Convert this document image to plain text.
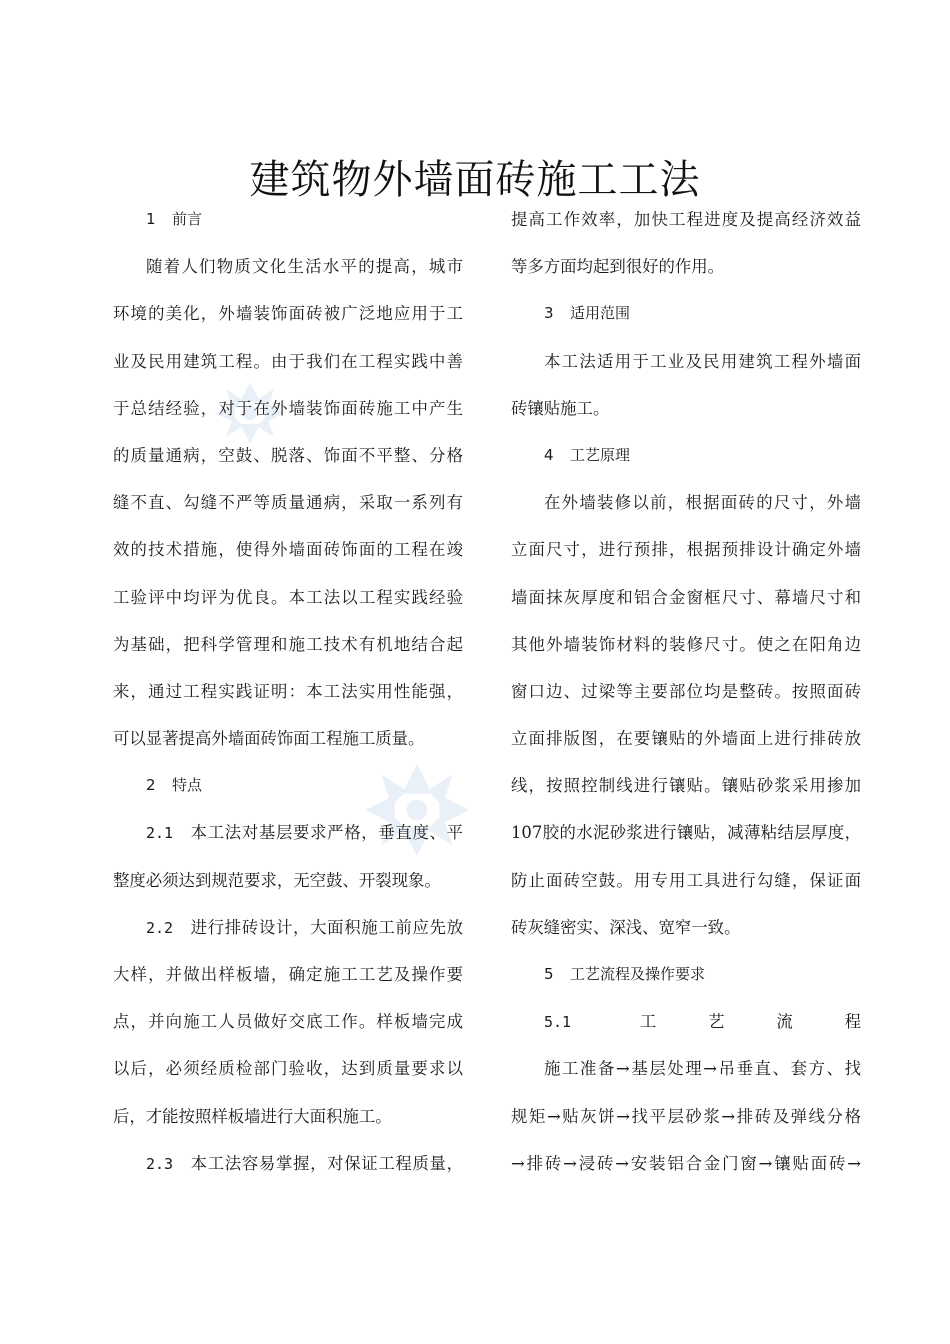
建筑物外墙面砖施工工法
1 前言
随着人们物质文化生活水平的提高，城市
环境的美化，外墙装饰面砖被广泛地应用于工
业及民用建筑工程。由于我们在工程实践中善
于总结经验，对于在外墙装饰面砖施工中产生
的质量通病，空鼓、脱落、饰面不平整、分格
缝不直、勾缝不严等质量通病，采取一系列有
效的技术措施，使得外墙面砖饰面的工程在竣
工验评中均评为优良。本工法以工程实践经验
为基础，把科学管理和施工技术有机地结合起
来，通过工程实践证明：本工法实用性能强，
可以显著提高外墙面砖饰面工程施工质量。
2 特点
2.1 本工法对基层要求严格，垂直度、平
整度必须达到规范要求，无空鼓、开裂现象。
2.2 进行排砖设计，大面积施工前应先放
大样，并做出样板墙，确定施工工艺及操作要
点，并向施工人员做好交底工作。样板墙完成
以后，必须经质检部门验收，达到质量要求以
后，才能按照样板墙进行大面积施工。
2.3 本工法容易掌握，对保证工程质量，
提高工作效率，加快工程进度及提高经济效益
等多方面均起到很好的作用。
3 适用范围
本工法适用于工业及民用建筑工程外墙面
砖镶贴施工。
4 工艺原理
在外墙装修以前，根据面砖的尺寸，外墙
立面尺寸，进行预排，根据预排设计确定外墙
墙面抹灰厚度和铝合金窗框尺寸、幕墙尺寸和
其他外墙装饰材料的装修尺寸。使之在阳角边
窗口边、过梁等主要部位均是整砖。按照面砖
立面排版图，在要镶贴的外墙面上进行排砖放
线，按照控制线进行镶贴。镶贴砂浆采用掺加
107胶的水泥砂浆进行镶贴，减薄粘结层厚度，
防止面砖空鼓。用专用工具进行勾缝，保证面
砖灰缝密实、深浅、宽窄一致。
5 工艺流程及操作要求
5.1 工艺流程
施工准备→基层处理→吊垂直、套方、找
规矩→贴灰饼→找平层砂浆→排砖及弹线分格
→排砖→浸砖→安装铝合金门窗→镶贴面砖→
